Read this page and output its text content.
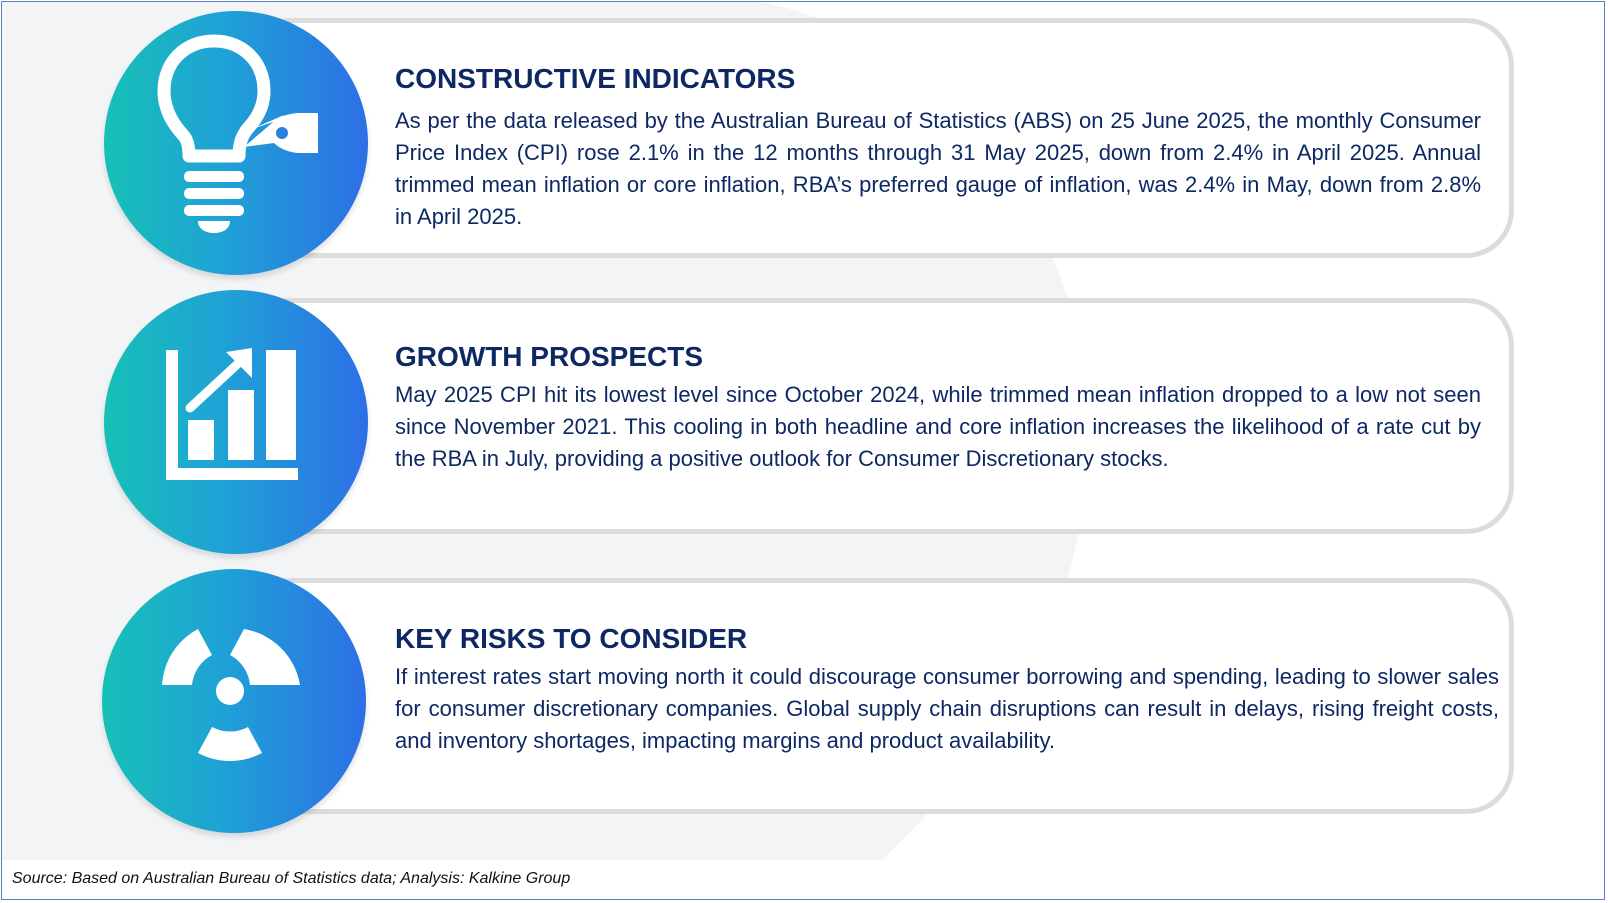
CONSTRUCTIVE INDICATORS

As per the data released by the Australian Bureau of Statistics (ABS) on 25 June 2025, the monthly Consumer Price Index (CPI) rose 2.1% in the 12 months through 31 May 2025, down from 2.4% in April 2025. Annual trimmed mean inflation or core inflation, RBA’s preferred gauge of inflation, was 2.4% in May, down from 2.8% in April 2025.

GROWTH PROSPECTS

May 2025 CPI hit its lowest level since October 2024, while trimmed mean inflation dropped to a low not seen since November 2021. This cooling in both headline and core inflation increases the likelihood of a rate cut by the RBA in July, providing a positive outlook for Consumer Discretionary stocks.

KEY RISKS TO CONSIDER

If interest rates start moving north it could discourage consumer borrowing and spending, leading to slower sales for consumer discretionary companies. Global supply chain disruptions can result in delays, rising freight costs, and inventory shortages, impacting margins and product availability.

Source: Based on Australian Bureau of Statistics data; Analysis: Kalkine Group
